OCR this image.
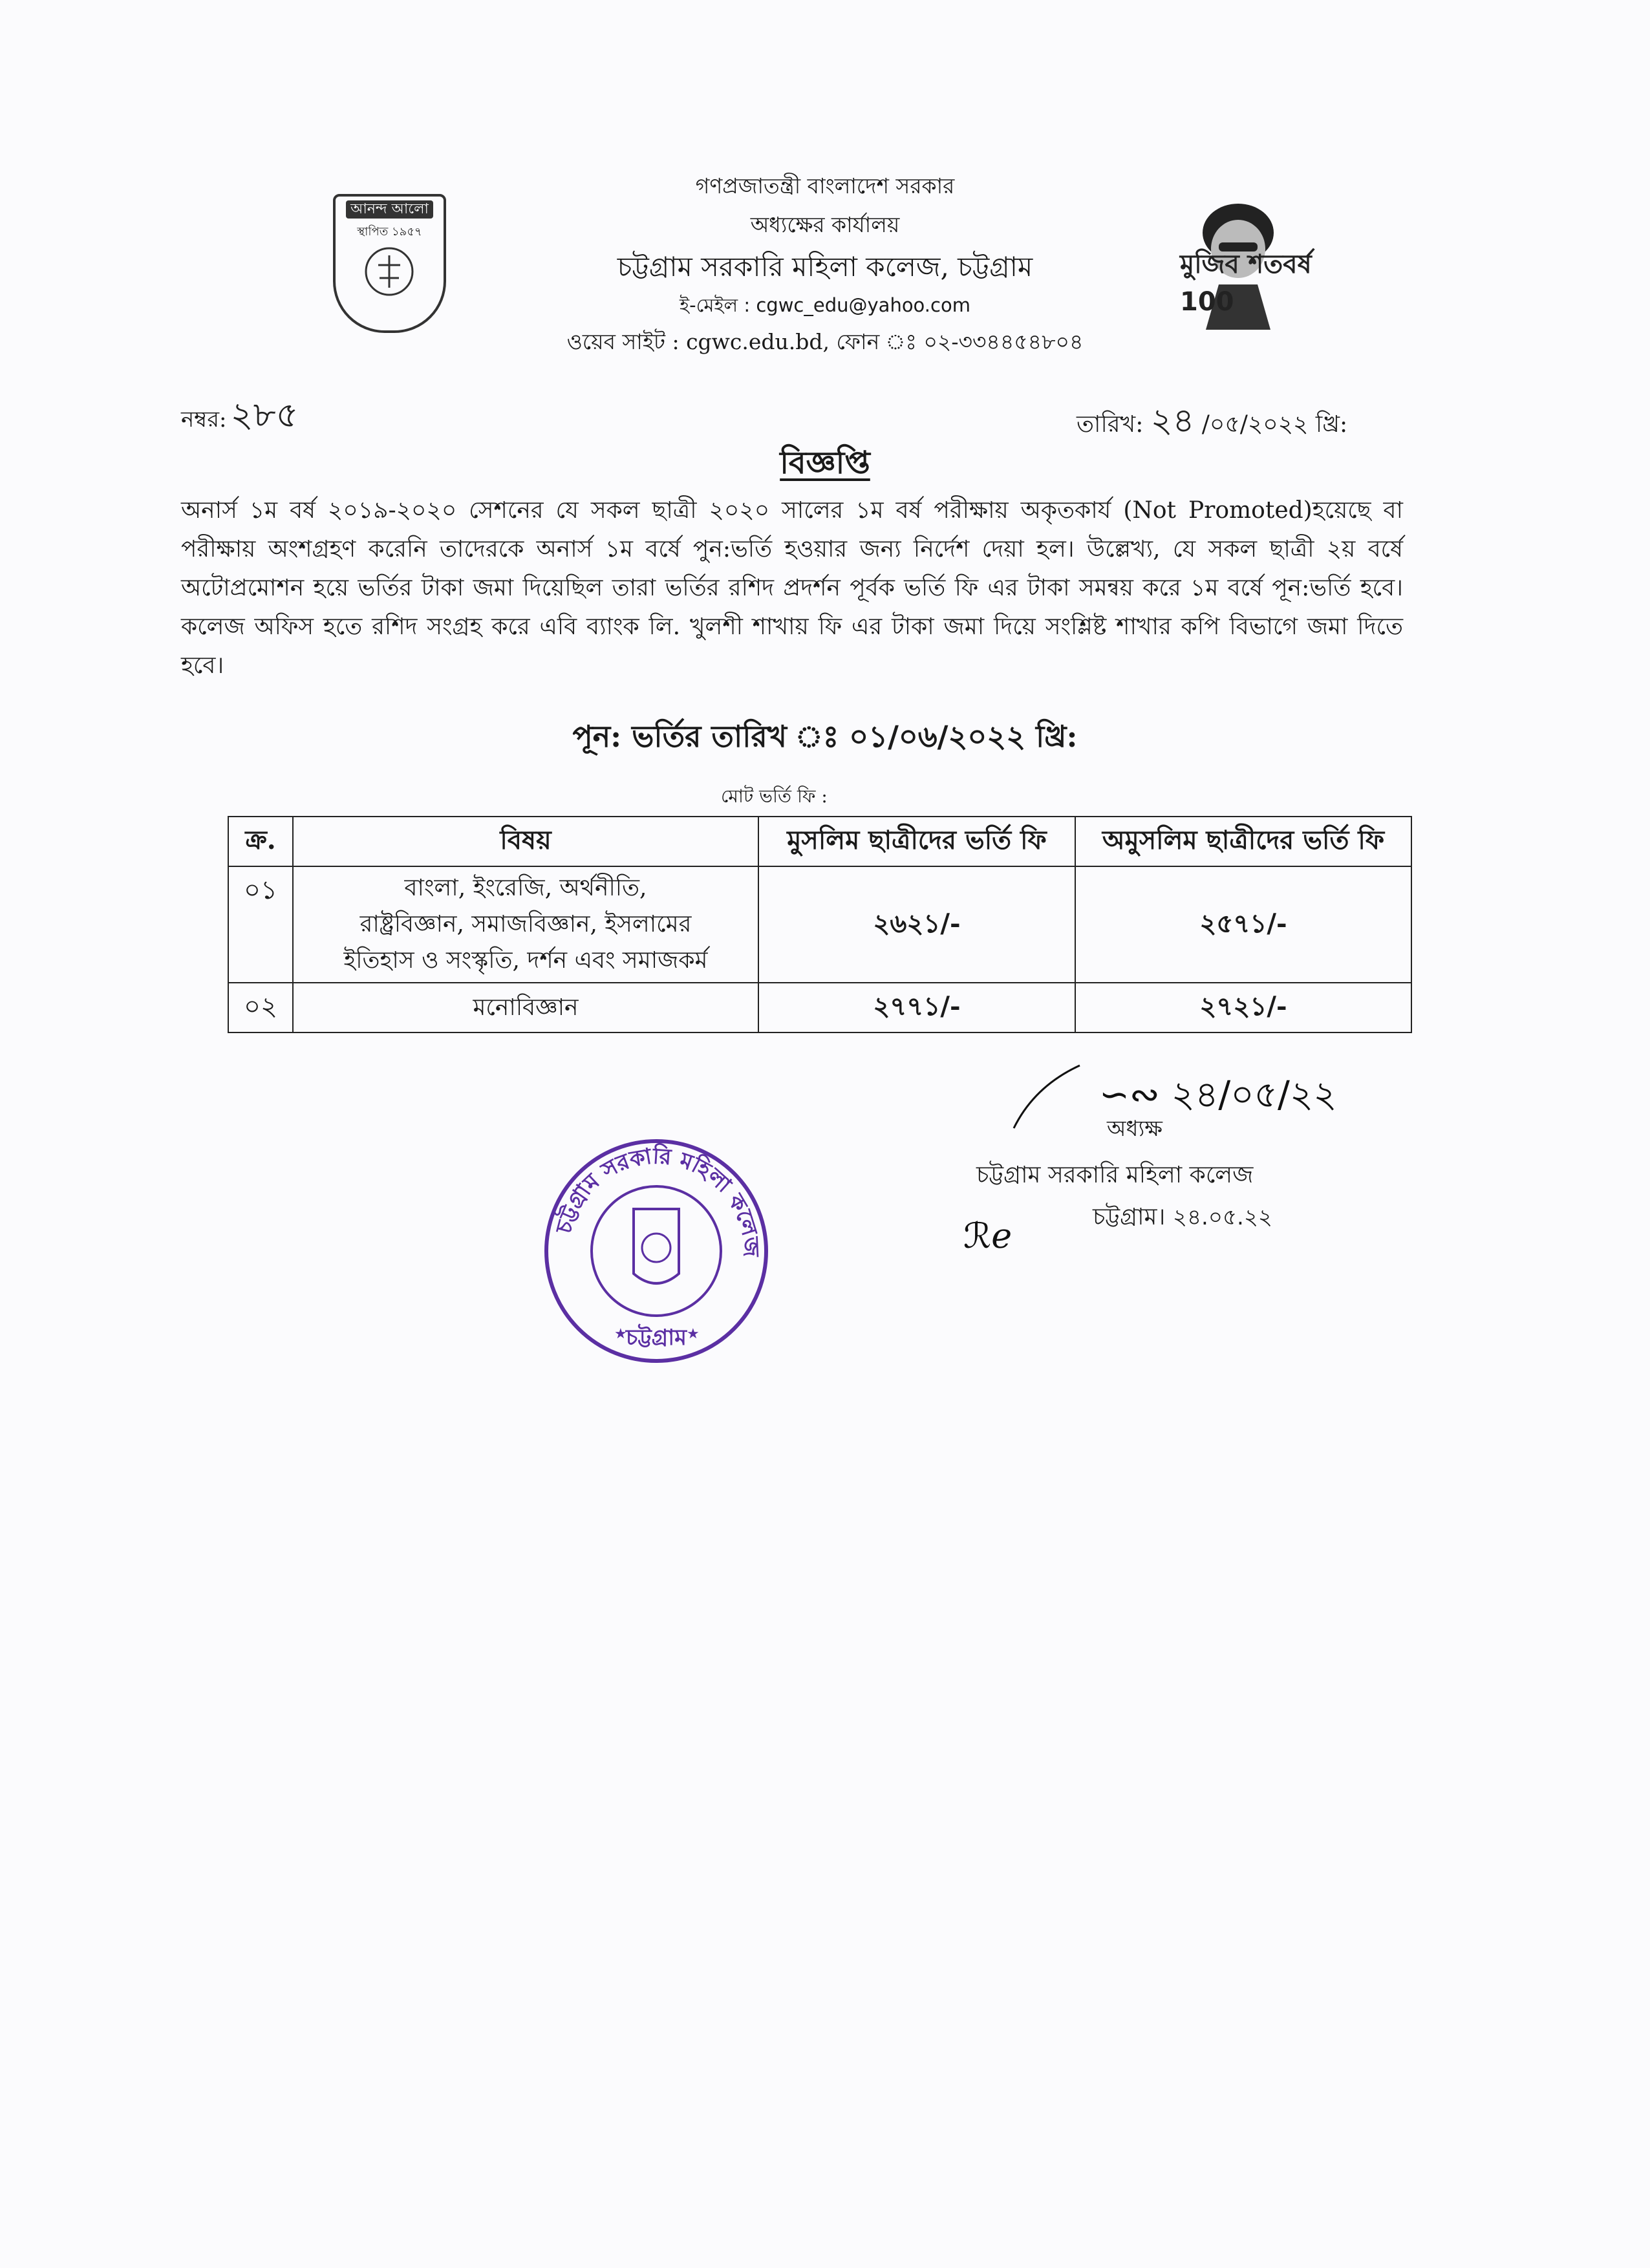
গণপ্রজাতন্ত্রী বাংলাদেশ সরকার
অধ্যক্ষের কার্যালয়
চট্টগ্রাম সরকারি মহিলা কলেজ, চট্টগ্রাম
ই-মেইল : cgwc_edu@yahoo.com
ওয়েব সাইট : cgwc.edu.bd, ফোন ঃ ০২-৩৩৪৪৫৪৮০৪
আনন্দ আলো
স্থাপিত ১৯৫৭
মুজিব শতবর্ষ 100
নম্বর: ২৮৫	তারিখ: ২৪ /০৫/২০২২ খ্রি:
বিজ্ঞপ্তি
অনার্স ১ম বর্ষ ২০১৯-২০২০ সেশনের যে সকল ছাত্রী ২০২০ সালের ১ম বর্ষ পরীক্ষায় অকৃতকার্য (Not Promoted)হয়েছে বা পরীক্ষায় অংশগ্রহণ করেনি তাদেরকে অনার্স ১ম বর্ষে পুন:ভর্তি হওয়ার জন্য নির্দেশ দেয়া হল। উল্লেখ্য, যে সকল ছাত্রী ২য় বর্ষে অটোপ্রমোশন হয়ে ভর্তির টাকা জমা দিয়েছিল তারা ভর্তির রশিদ প্রদর্শন পূর্বক ভর্তি ফি এর টাকা সমন্বয় করে ১ম বর্ষে পূন:ভর্তি হবে। কলেজ অফিস হতে রশিদ সংগ্রহ করে এবি ব্যাংক লি. খুলশী শাখায় ফি এর টাকা জমা দিয়ে সংশ্লিষ্ট শাখার কপি বিভাগে জমা দিতে হবে।
পূন: ভর্তির তারিখ ঃ ০১/০৬/২০২২ খ্রি:
মোট ভর্তি ফি :
ক্র.	বিষয়	মুসলিম ছাত্রীদের ভর্তি ফি	অমুসলিম ছাত্রীদের ভর্তি ফি
০১	বাংলা, ইংরেজি, অর্থনীতি,
রাষ্ট্রবিজ্ঞান, সমাজবিজ্ঞান, ইসলামের
ইতিহাস ও সংস্কৃতি, দর্শন এবং সমাজকর্ম	২৬২১/-	২৫৭১/-
০২	মনোবিজ্ঞান	২৭৭১/-	২৭২১/-
∽∾ ২৪/০৫/২২
অধ্যক্ষ
চট্টগ্রাম সরকারি মহিলা কলেজ
চট্টগ্রাম। ২৪.০৫.২২
ℛℯ
চট্টগ্রাম সরকারি মহিলা কলেজ
★	★
চট্টগ্রাম
